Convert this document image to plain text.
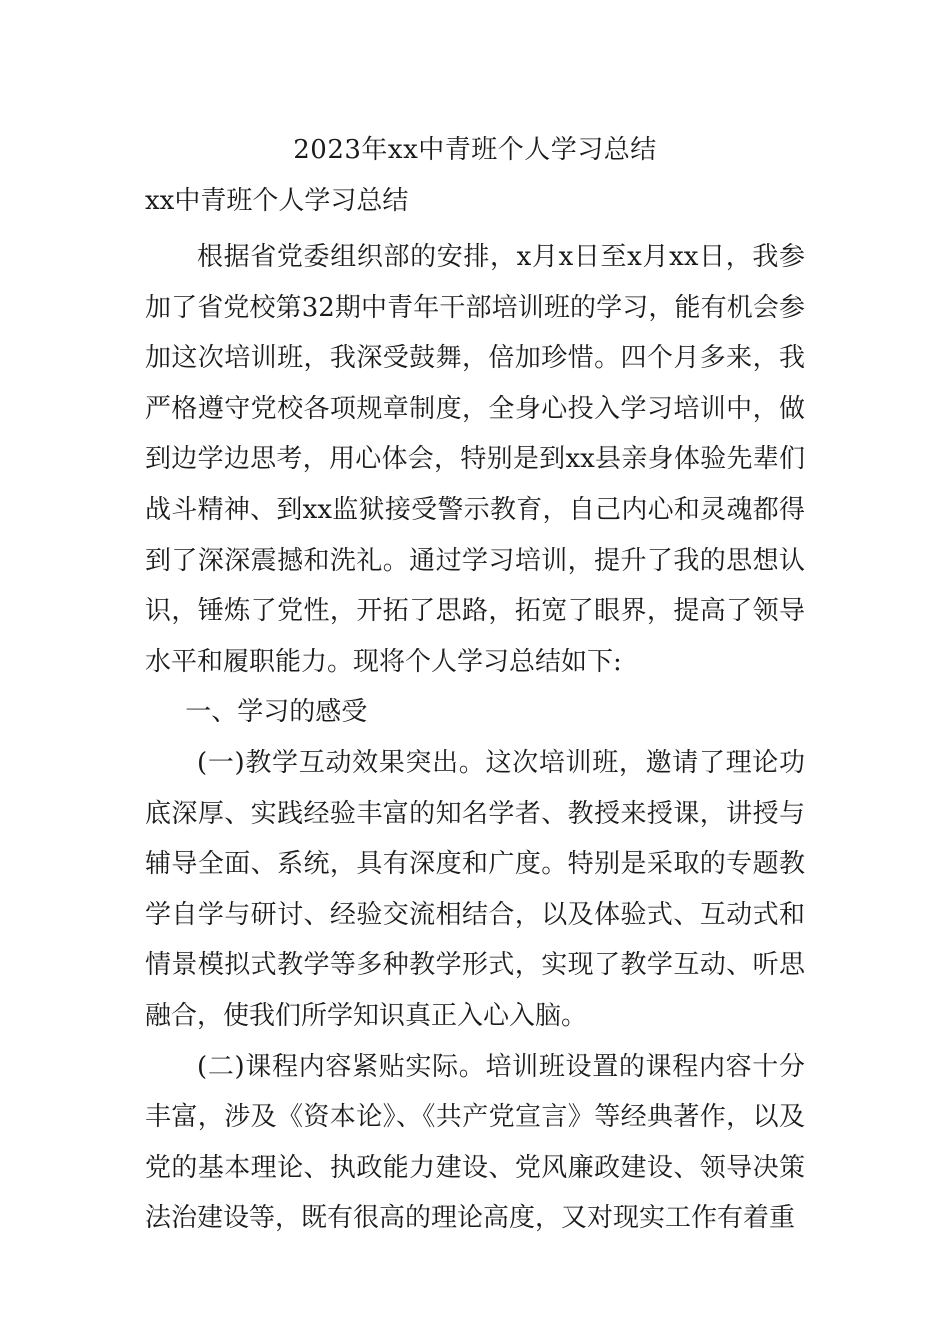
2023年xx中青班个人学习总结
xx中青班个人学习总结

根据省党委组织部的安排，x月x日至x月xx日，我参加了省党校第32期中青年干部培训班的学习，能有机会参加这次培训班，我深受鼓舞，倍加珍惜。四个月多来，我严格遵守党校各项规章制度，全身心投入学习培训中，做到边学边思考，用心体会，特别是到xx县亲身体验先辈们战斗精神、到xx监狱接受警示教育，自己内心和灵魂都得到了深深震撼和洗礼。通过学习培训，提升了我的思想认识，锤炼了党性，开拓了思路，拓宽了眼界，提高了领导水平和履职能力。现将个人学习总结如下:

一、学习的感受

(一)教学互动效果突出。这次培训班，邀请了理论功底深厚、实践经验丰富的知名学者、教授来授课，讲授与辅导全面、系统，具有深度和广度。特别是采取的专题教学自学与研讨、经验交流相结合，以及体验式、互动式和情景模拟式教学等多种教学形式，实现了教学互动、听思融合，使我们所学知识真正入心入脑。

(二)课程内容紧贴实际。培训班设置的课程内容十分丰富，涉及《资本论》、《共产党宣言》等经典著作，以及党的基本理论、执政能力建设、党风廉政建设、领导决策法治建设等，既有很高的理论高度，又对现实工作有着重
